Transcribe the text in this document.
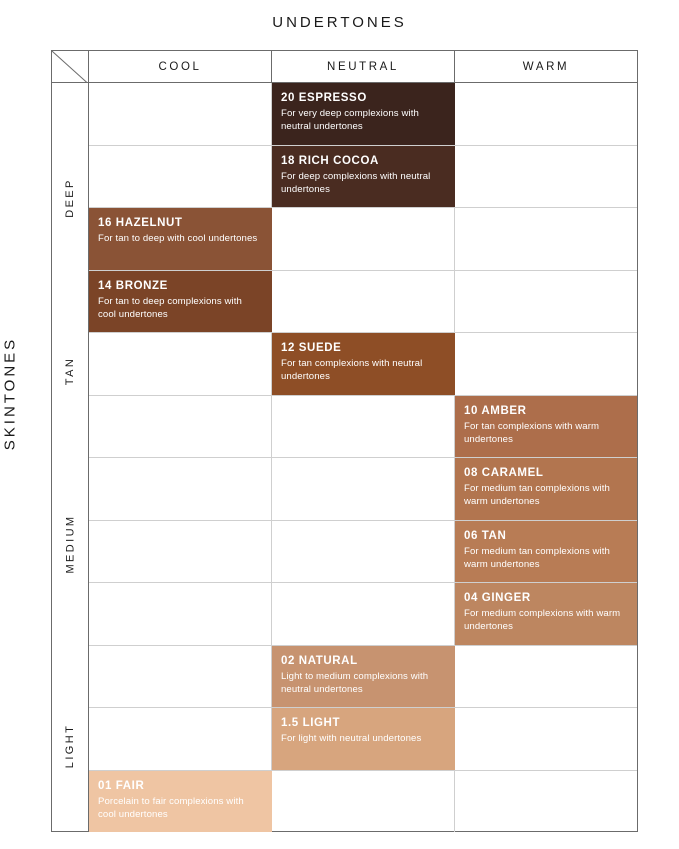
UNDERTONES
SKINTONES
COOL	NEUTRAL	WARM
DEEP
TAN
MEDIUM
LIGHT
20 ESPRESSO
For very deep complexions with neutral undertones
18 RICH COCOA
For deep complexions with neutral undertones
16 HAZELNUT
For tan to deep with cool undertones
14 BRONZE
For tan to deep complexions with cool undertones
12 SUEDE
For tan complexions with neutral undertones
10 AMBER
For tan complexions with warm undertones
08 CARAMEL
For medium tan complexions with warm undertones
06 TAN
For medium tan complexions with warm undertones
04 GINGER
For medium complexions with warm undertones
02 NATURAL
Light to medium complexions with neutral undertones
1.5 LIGHT
For light with neutral undertones
01 FAIR
Porcelain to fair complexions with cool undertones
